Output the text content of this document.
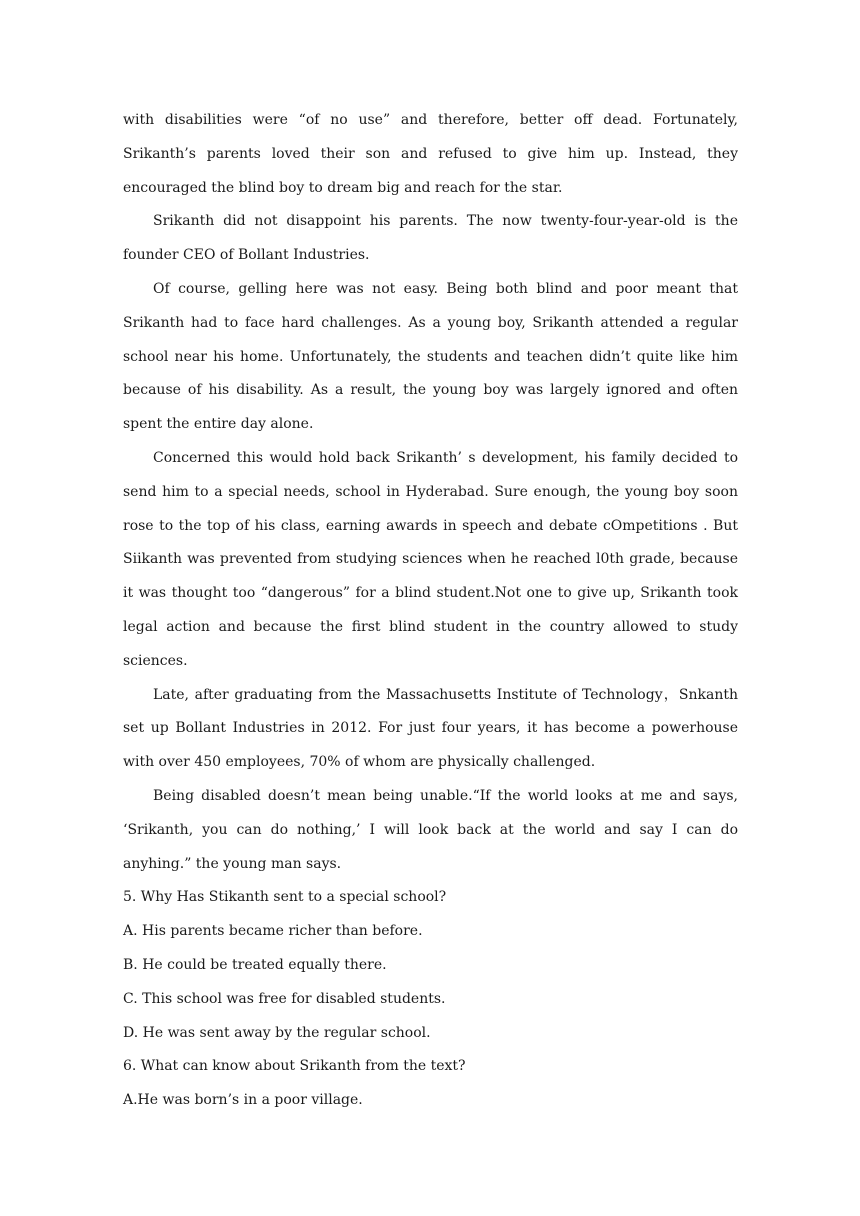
with disabilities were “of no use” and therefore, better off dead. Fortunately, Srikanth’s parents loved their son and refused to give him up. Instead, they encouraged the blind boy to dream big and reach for the star.

Srikanth did not disappoint his parents. The now twenty-four-year-old is the founder CEO of Bollant Industries.

Of course, gelling here was not easy. Being both blind and poor meant that Srikanth had to face hard challenges. As a young boy, Srikanth attended a regular school near his home. Unfortunately, the students and teachen didn’t quite like him because of his disability. As a result, the young boy was largely ignored and often spent the entire day alone.

Concerned this would hold back Srikanth’ s development, his family decided to send him to a special needs, school in Hyderabad. Sure enough, the young boy soon rose to the top of his class, earning awards in speech and debate cOmpetitions . But Siikanth was prevented from studying sciences when he reached l0th grade, because it was thought too “dangerous” for a blind student.Not one to give up, Srikanth took legal action and because the first blind student in the country allowed to study sciences.

Late, after graduating from the Massachusetts Institute of Technology，Snkanth set up Bollant Industries in 2012. For just four years, it has become a powerhouse with over 450 employees, 70% of whom are physically challenged.

Being disabled doesn’t mean being unable.“If the world looks at me and says, ‘Srikanth, you can do nothing,’ I will look back at the world and say I can do anyhing.” the young man says.

5. Why Has Stikanth sent to a special school?

A. His parents became richer than before.

B. He could be treated equally there.

C. This school was free for disabled students.

D. He was sent away by the regular school.

6. What can know about Srikanth from the text?

A.He was born’s in a poor village.
